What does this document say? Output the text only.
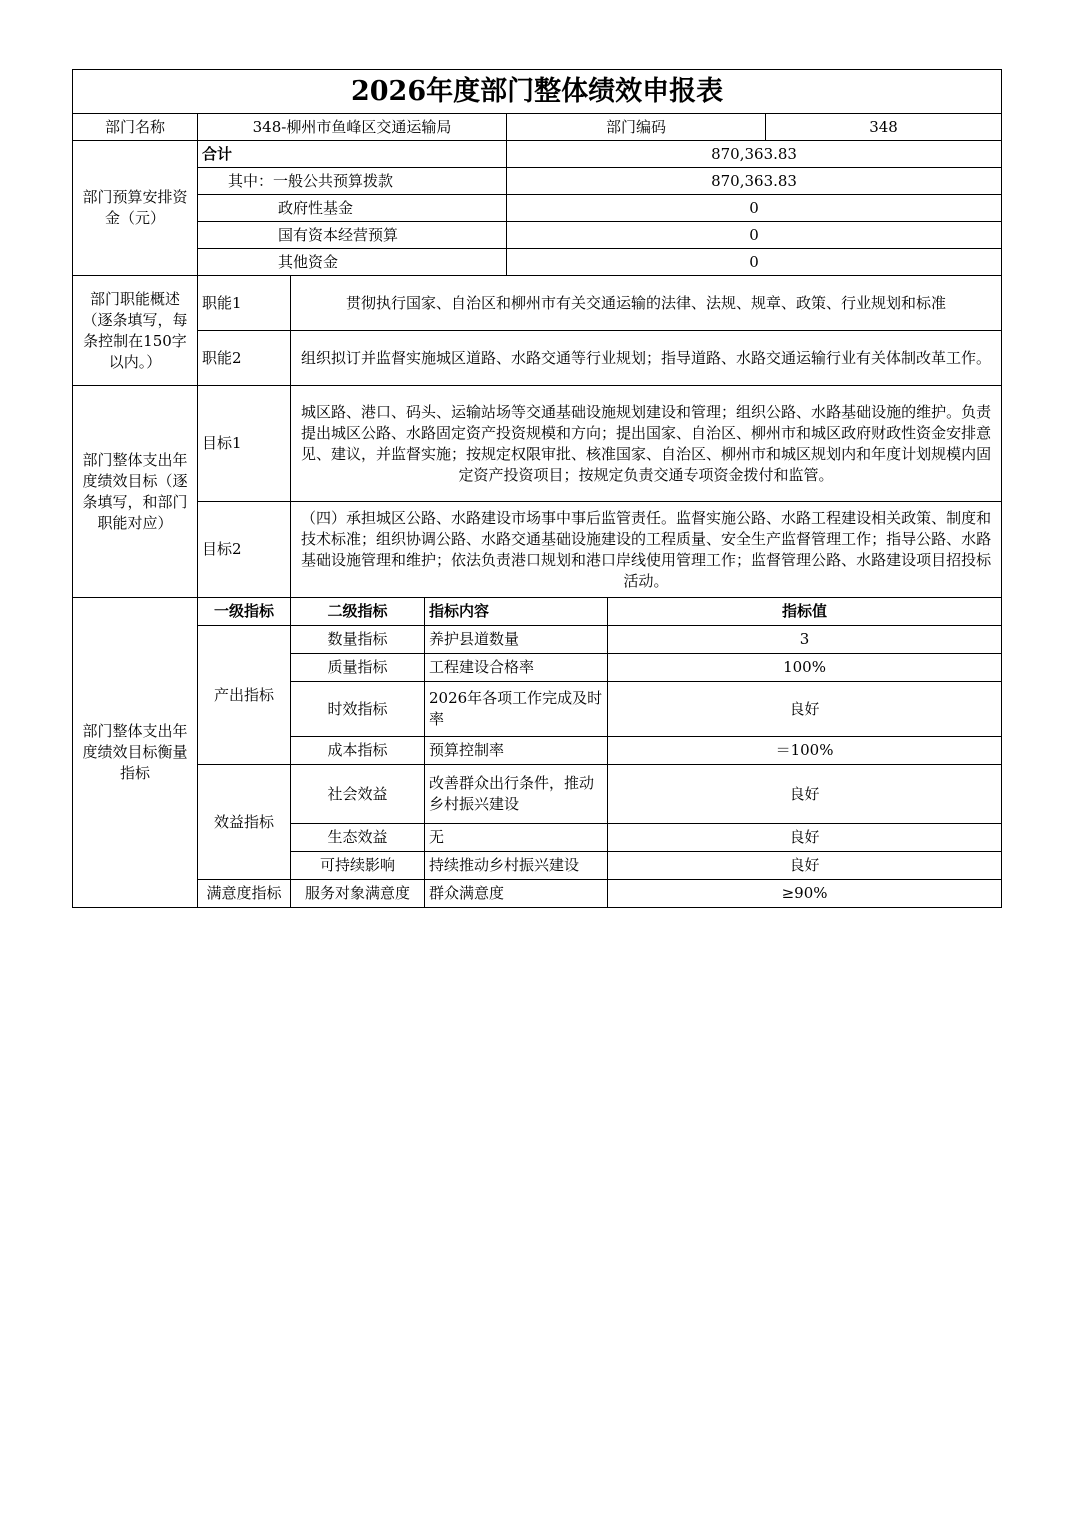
2026年度部门整体绩效申报表						
部门名称	348-柳州市鱼峰区交通运输局			部门编码		348
部门预算安排资金（元）	合计			870,363.83		
	其中：一般公共预算拨款			870,363.83		
	政府性基金			0		
	国有资本经营预算			0		
	其他资金			0		
部门职能概述（逐条填写，每条控制在150字以内。）	职能1	贯彻执行国家、自治区和柳州市有关交通运输的法律、法规、规章、政策、行业规划和标准				
	职能2	组织拟订并监督实施城区道路、水路交通等行业规划；指导道路、水路交通运输行业有关体制改革工作。				
部门整体支出年度绩效目标（逐条填写，和部门职能对应）	目标1	城区路、港口、码头、运输站场等交通基础设施规划建设和管理；组织公路、水路基础设施的维护。负责提出城区公路、水路固定资产投资规模和方向；提出国家、自治区、柳州市和城区政府财政性资金安排意见、建议，并监督实施；按规定权限审批、核准国家、自治区、柳州市和城区规划内和年度计划规模内固定资产投资项目；按规定负责交通专项资金拨付和监管。				
	目标2	（四）承担城区公路、水路建设市场事中事后监管责任。监督实施公路、水路工程建设相关政策、制度和技术标准；组织协调公路、水路交通基础设施建设的工程质量、安全生产监督管理工作；指导公路、水路基础设施管理和维护；依法负责港口规划和港口岸线使用管理工作；监督管理公路、水路建设项目招投标活动。				
部门整体支出年度绩效目标衡量指标	一级指标	二级指标	指标内容		指标值	
	产出指标	数量指标	养护县道数量		3	
		质量指标	工程建设合格率		100%	
		时效指标	2026年各项工作完成及时率		良好	
		成本指标	预算控制率		＝100%	
	效益指标	社会效益	改善群众出行条件，推动乡村振兴建设		良好	
		生态效益	无		良好	
		可持续影响	持续推动乡村振兴建设		良好	
	满意度指标	服务对象满意度	群众满意度		≥90%	
